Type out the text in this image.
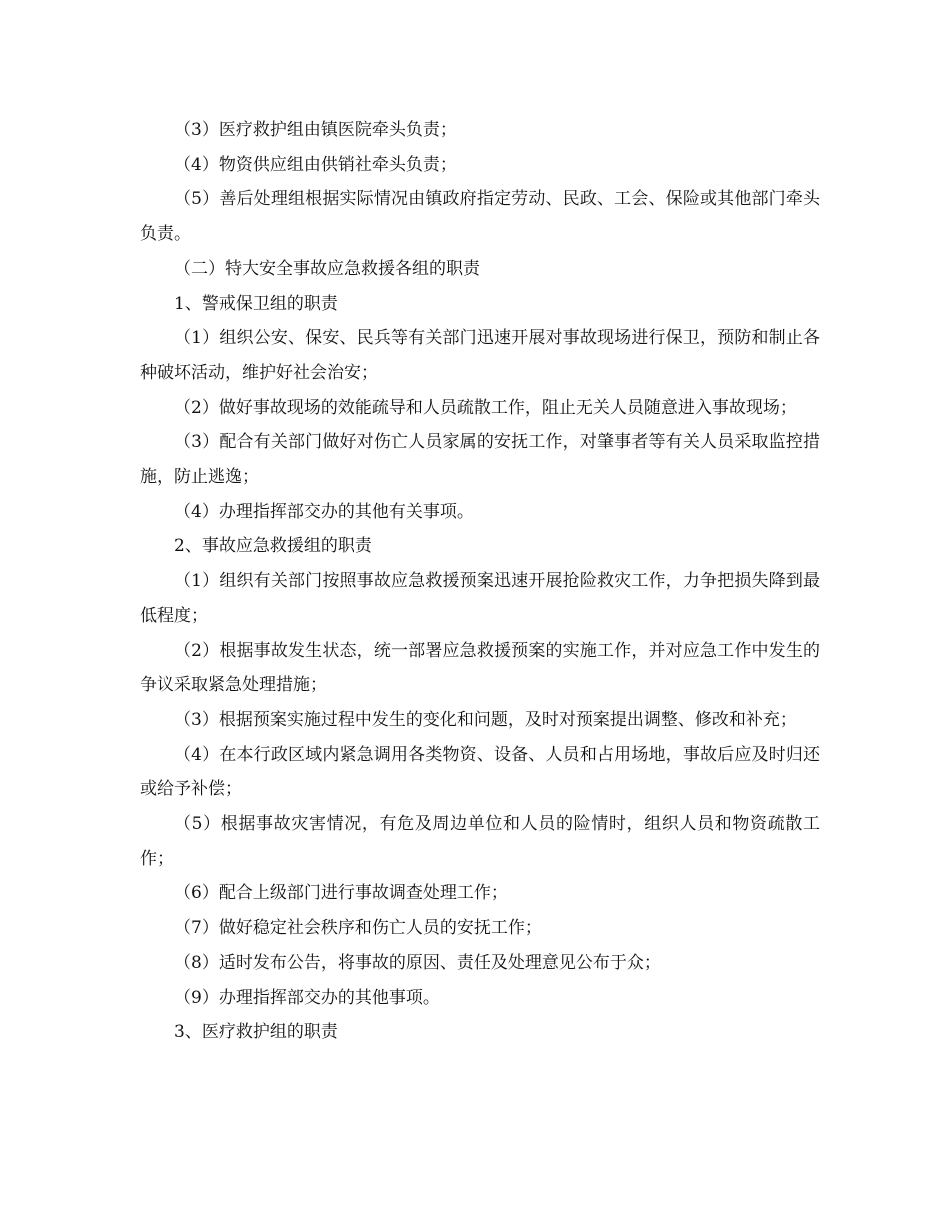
（3）医疗救护组由镇医院牵头负责；

（4）物资供应组由供销社牵头负责；

（5）善后处理组根据实际情况由镇政府指定劳动、民政、工会、保险或其他部门牵头负责。

（二）特大安全事故应急救援各组的职责

1、警戒保卫组的职责

（1）组织公安、保安、民兵等有关部门迅速开展对事故现场进行保卫，预防和制止各种破坏活动，维护好社会治安；

（2）做好事故现场的效能疏导和人员疏散工作，阻止无关人员随意进入事故现场；

（3）配合有关部门做好对伤亡人员家属的安抚工作，对肇事者等有关人员采取监控措施，防止逃逸；

（4）办理指挥部交办的其他有关事项。

2、事故应急救援组的职责

（1）组织有关部门按照事故应急救援预案迅速开展抢险救灾工作，力争把损失降到最低程度；

（2）根据事故发生状态，统一部署应急救援预案的实施工作，并对应急工作中发生的争议采取紧急处理措施；

（3）根据预案实施过程中发生的变化和问题，及时对预案提出调整、修改和补充；

（4）在本行政区域内紧急调用各类物资、设备、人员和占用场地，事故后应及时归还或给予补偿；

（5）根据事故灾害情况，有危及周边单位和人员的险情时，组织人员和物资疏散工作；

（6）配合上级部门进行事故调查处理工作；

（7）做好稳定社会秩序和伤亡人员的安抚工作；

（8）适时发布公告，将事故的原因、责任及处理意见公布于众；

（9）办理指挥部交办的其他事项。

3、医疗救护组的职责
